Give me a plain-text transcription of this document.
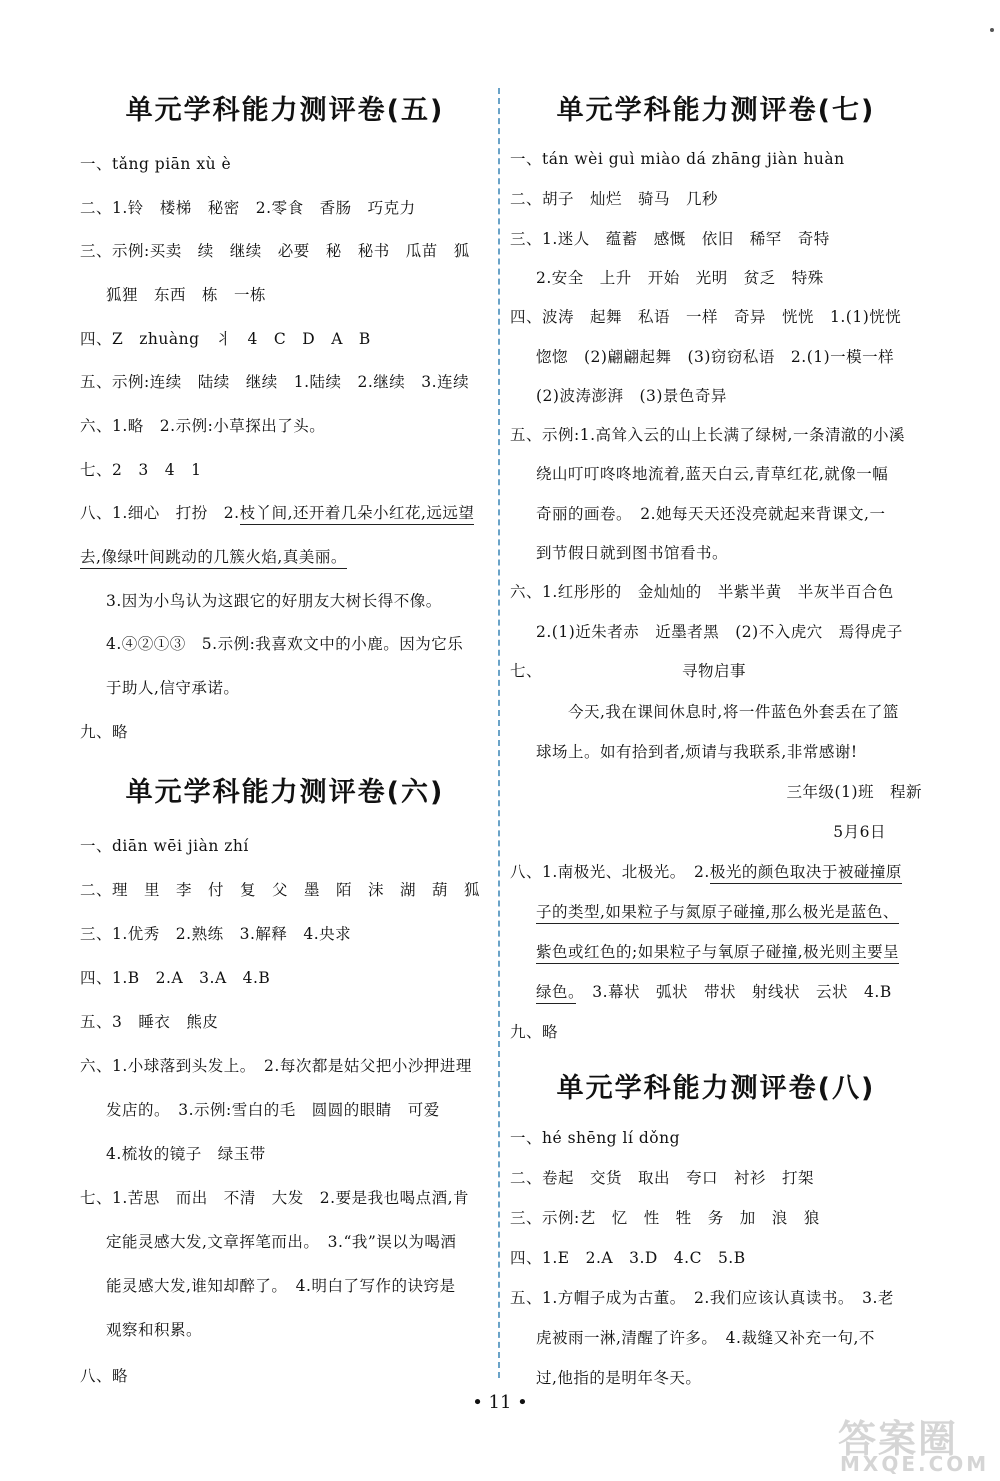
单元学科能力测评卷(五)
一、tǎng piān xù è
二、1.铃　楼梯　秘密　2.零食　香肠　巧克力
三、示例:买卖　续　继续　必要　秘　秘书　瓜苗　狐
狐狸　东西　栋　一栋
四、Z　zhuàng　丬　4　C　D　A　B
五、示例:连续　陆续　继续　1.陆续　2.继续　3.连续
六、1.略　2.示例:小草探出了头。
七、2　3　4　1
八、1.细心　打扮　2.枝丫间,还开着几朵小红花,远远望
去,像绿叶间跳动的几簇火焰,真美丽。
3.因为小鸟认为这跟它的好朋友大树长得不像。
4.④②①③　5.示例:我喜欢文中的小鹿。因为它乐
于助人,信守承诺。
九、略
单元学科能力测评卷(六)
一、diān wēi jiàn zhí
二、理　里　李　付　复　父　墨　陌　沫　湖　葫　狐
三、1.优秀　2.熟练　3.解释　4.央求
四、1.B　2.A　3.A　4.B
五、3　睡衣　熊皮
六、1.小球落到头发上。　2.每次都是姑父把小沙押进理
发店的。　3.示例:雪白的毛　圆圆的眼睛　可爱
4.梳妆的镜子　绿玉带
七、1.苦思　而出　不清　大发　2.要是我也喝点酒,肯
定能灵感大发,文章挥笔而出。　3.“我”误以为喝酒
能灵感大发,谁知却醉了。　4.明白了写作的诀窍是
观察和积累。
八、略
单元学科能力测评卷(七)
一、tán wèi guì miào dá zhāng jiàn huàn
二、胡子　灿烂　骑马　几秒
三、1.迷人　蕴蓄　感慨　依旧　稀罕　奇特
2.安全　上升　开始　光明　贫乏　特殊
四、波涛　起舞　私语　一样　奇异　恍恍　1.(1)恍恍
惚惚　(2)翩翩起舞　(3)窃窃私语　2.(1)一模一样
(2)波涛澎湃　(3)景色奇异
五、示例:1.高耸入云的山上长满了绿树,一条清澈的小溪
绕山叮叮咚咚地流着,蓝天白云,青草红花,就像一幅
奇丽的画卷。　2.她每天天还没亮就起来背课文,一
到节假日就到图书馆看书。
六、1.红彤彤的　金灿灿的　半紫半黄　半灰半百合色
2.(1)近朱者赤　近墨者黑　(2)不入虎穴　焉得虎子
七、	寻物启事
今天,我在课间休息时,将一件蓝色外套丢在了篮
球场上。如有拾到者,烦请与我联系,非常感谢!
三年级(1)班　程新
5月6日
八、1.南极光、北极光。　2.极光的颜色取决于被碰撞原
子的类型,如果粒子与氮原子碰撞,那么极光是蓝色、
紫色或红色的;如果粒子与氧原子碰撞,极光则主要呈
绿色。　3.幕状　弧状　带状　射线状　云状　4.B
九、略
单元学科能力测评卷(八)
一、hé shēng lí dǒng
二、卷起　交货　取出　夸口　衬衫　打架
三、示例:艺　忆　性　牲　务　加　浪　狼
四、1.E　2.A　3.D　4.C　5.B
五、1.方帽子成为古董。　2.我们应该认真读书。　3.老
虎被雨一淋,清醒了许多。　4.裁缝又补充一句,不
过,他指的是明年冬天。
• 11 •
答案圈
MXQE.COM
